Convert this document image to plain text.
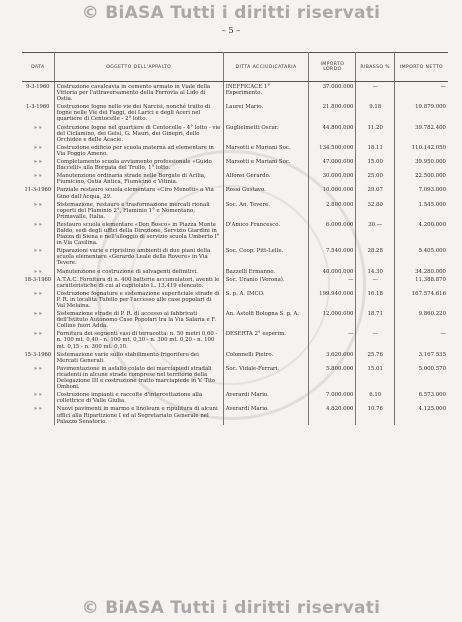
© BiASA Tutti i diritti riservati
– 5 –
DATA	OGGETTO DELL'APPALTO	DITTA ACCIUDICATARIA	IMPORTO LORDO	RIBASSO %	IMPORTO NETTO
9-3-1960	Costruzione cavalcavia in cemento armato in Viale della Vittoria per l'attraversamento della Ferrovia al Lido di Ostia.	INEFFICACE 1° Esperimento.	37.000.000	—	—
1-3-1960	Costruzione fogne nelle vie dei Narcisi, nonché tratto di fogne nelle Vie dei Faggi, dei Larici e degli Aceri nel quartiere di Centocelle - 2° lotto.	Laurei Mario.	21.800.000	9.18	19.879.000
» »	Costruzione fogne nel quartiere di Centocelle - 4° lotto - vie del Ciclamino, dei Gelsi, G. Mauri, dei Ginepri, delle Orchidee e delle Acacie.	Guglielmetti Oscar.	44.800.000	11.20	39.782.400
» »	Costruzione edificio per scuola materna ad elementare in Via Poggio Ameno.	Marsotti e Mariani Soc.	134.500.000	18.11	110.142.050
» »	Completamento scuola avviamento professionale «Guido Baccelli» alla Borgata del Trullo, 1° lotto.	Marsotti e Mariani Soc.	47.000.000	15.00	39.950.000
» »	Manutenzione ordinaria strade nelle Borgate di Acilia, Fiumicino, Ostia Antica, Fiumicino e Vitinia.	Alfonsi Gerardo.	30.000.000	25.00	22.500.000
11-3-1960	Parziale restauro scuola elementare «Ciro Menotti» a Via Gino dall'Acqua, 29.	Rossi Gustavo.	10.000.000	29.07	7.093.000
» »	Sistemazione, restauro e trasformazione mercati rionali coperti del Flaminio 2°, Flaminio 1° e Nomentano, Primavalle, Italia.	Soc. An. Tevere.	2.800.000	32.80	1.545.000
» »	Restauro scuola elementare «Don Bosco» in Piazza Monte Baldo, sedi degli uffici della Direzione, Servizio Giardini in Piazza di Siena e nell'alloggio di servizio scuola Umberto I° in Via Casilina.	D'Amico Francesco.	6.000.000	30.—	4.200.000
» »	Riparazioni varie e ripristino ambienti di due piani della scuola elementare «Gerardo Leale della Rovere» in Via Tevere.	Soc. Coop. Pitt-Lelle.	7.540.000	28.28	5.405.000
» »	Manutenzione e costruzione di salvagenti definitivi.	Bazzelli Ermanno.	40.000.000	14.30	34.280.000
18-3-1960	A.T.A.C. Fornitura di n. 400 batterie accumulatori, aventi le caratteristiche di cui al capitolato L. 13.419 elencato.	Soc. Uranio (Verona).	—	—	11.388.870
» »	Costruzione fognature e sistemazione superficiale strade di P. R. in località Tufello per l'accesso alle case popolari di Val Melaina.	S. p. A. IMCO.	199.940.000	16.18	167.574.616
» »	Sistemazione strade di P. R. di accesso ai fabbricati dell'Istituto Autonomo Case Popolari tra la Via Salaria e F. Colline fuori Adda.	An. Astolfi Bologna S. p. A.	12.000.000	18.71	9.860.220
» »	Fornitura dei seguenti vasi di terracotta: n. 50 metri 0,60 - n. 100 mt. 0,40 - n. 100 mt. 0,30 - n. 300 mt. 0,20 - n. 100 mt. 0,15 - n. 300 mt. 0,10.	DESERTA 2° esperim.	—	—	—
15-3-1960	Sistemazione varie sullo stabilimento frigorifero dei Mercati Generali.	Colonnelli Pietro.	3.620.000	25.76	3.167.535
» »	Pavimentazione in asfalto colato dei marciapiedi stradali ricadenti in alcune strade comprese nel territorio della Delegazione III e costruzione tratto marciapiede in V. Tito Omboni.	Soc. Vidale-Ferrari.	5.800.000	15.01	5.000.570
» »	Costruzione impianti e raccolte d'intercettazione alla collettrice di Valle Giulia.	Averardi Mario.	7.000.000	6.10	6.573.000
» »	Nuovi pavimenti in marmo e linoleum e ripulitura di alcuni uffici alla Ripartizione I ed al Segretariato Generale nel Palazzo Senatorio.	Averardi Mario.	4.820.000	10.76	4.125.000
© BiASA Tutti i diritti riservati
